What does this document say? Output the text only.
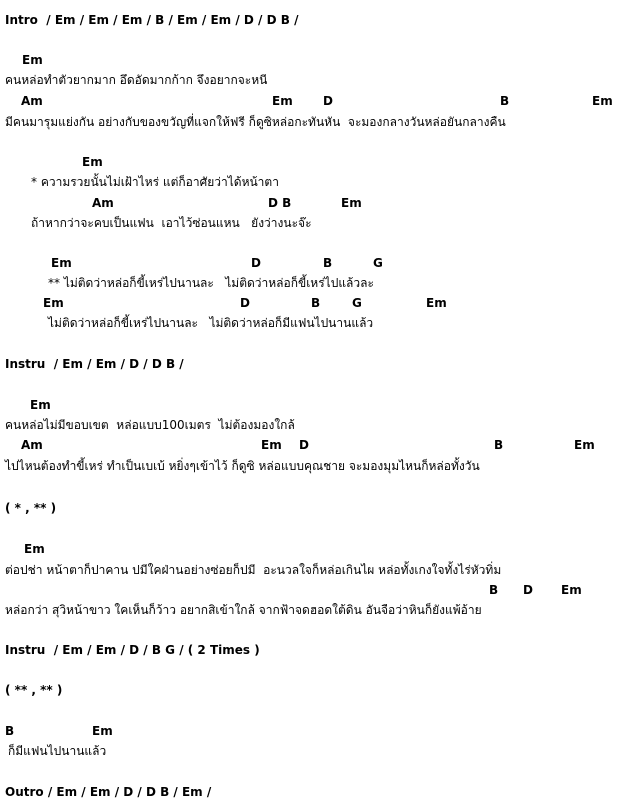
Intro  / Em / Em / Em / B / Em / Em / D / D B /
Em
คนหล่อทำตัวยากมาก อึดอัดมากก้าก จึงอยากจะหนี
Am	Em	D	B	Em
มีคนมารุมแย่งกัน อย่างกับของขวัญที่แจกให้ฟรี ก็ดูซิหล่อกะทันหัน  จะมองกลางวันหล่อยันกลางคืน
Em
* ความรวยนั้นไม่เฝ้าไหร่ แต่ก็อาศัยว่าได้หน้าตา
Am	D B	Em
ถ้าหากว่าจะคบเป็นแฟน  เอาไว้ซ่อนแหน   ยังว่างนะจ๊ะ
Em	D	B	G
** ไม่ติดว่าหล่อก็ขี้เหร่ไปนานละ   ไม่ติดว่าหล่อก็ขี้เหร่ไปแล้วละ
Em	D	B	G	Em
ไม่ติดว่าหล่อก็ขี้เหร่ไปนานละ   ไม่ติดว่าหล่อก็มีแฟนไปนานแล้ว
Instru  / Em / Em / D / D B /
Em
คนหล่อไม่มีขอบเขต  หล่อแบบ100เมตร  ไม่ต้องมองใกล้
Am	Em D	B	Em
ไปไหนต้องทำขี้เหร่ ทำเป็นเบเบ้ หยิ่งๆเข้าไว้ ก็ดูซิ หล่อแบบคุณชาย จะมองมุมไหนก็หล่อทั้งวัน
( * , ** )
Em
ต่อปช่า หน้าตาก็ปาคาน ปมีใคฝ่านอย่างซ่อยก็ปมี  อะนวลใจก็หล่อเกินไผ หล่อทั้งเกงใจทั้งไร่หัวทิ่ม
B D Em
หล่อกว่า สุวิหน้าขาว ใคเห็นก็ว้าว อยากสิเข้าใกล้ จากฟ้าจดฮอดใต้ดิน อันจือว่าหินก็ยังแพ้อ้าย
Instru  / Em / Em / D / B G / ( 2 Times )
( ** , ** )
B	Em
ก็มีแฟนไปนานแล้ว
Outro / Em / Em / D / D B / Em /
